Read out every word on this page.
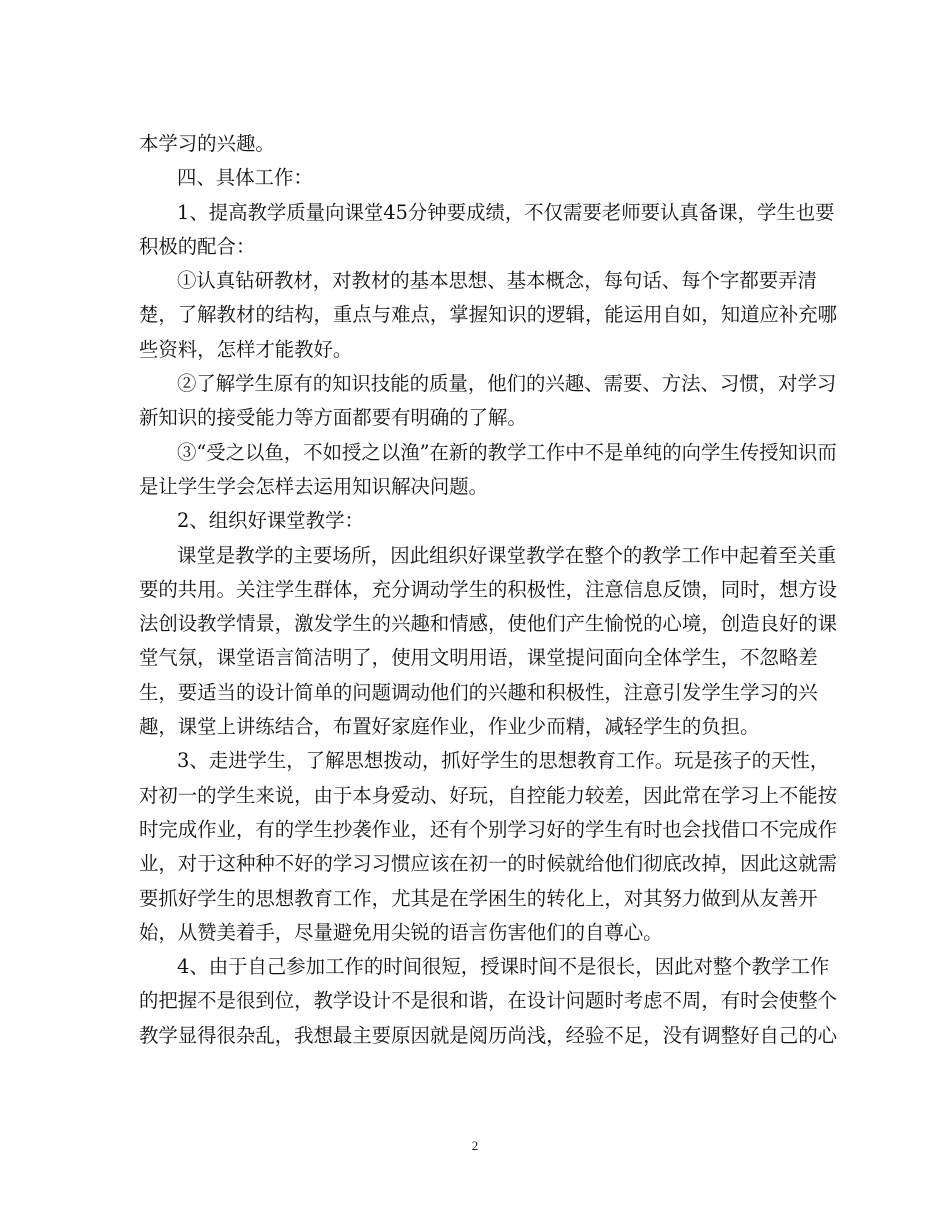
本学习的兴趣。
四、具体工作：
1、提高教学质量向课堂45分钟要成绩，不仅需要老师要认真备课，学生也要
积极的配合：
①认真钻研教材，对教材的基本思想、基本概念，每句话、每个字都要弄清
楚，了解教材的结构，重点与难点，掌握知识的逻辑，能运用自如，知道应补充哪
些资料，怎样才能教好。
②了解学生原有的知识技能的质量，他们的兴趣、需要、方法、习惯，对学习
新知识的接受能力等方面都要有明确的了解。
③“受之以鱼，不如授之以渔”在新的教学工作中不是单纯的向学生传授知识而
是让学生学会怎样去运用知识解决问题。
2、组织好课堂教学：
课堂是教学的主要场所，因此组织好课堂教学在整个的教学工作中起着至关重
要的共用。关注学生群体，充分调动学生的积极性，注意信息反馈，同时，想方设
法创设教学情景，激发学生的兴趣和情感，使他们产生愉悦的心境，创造良好的课
堂气氛，课堂语言简洁明了，使用文明用语，课堂提问面向全体学生，不忽略差
生，要适当的设计简单的问题调动他们的兴趣和积极性，注意引发学生学习的兴
趣，课堂上讲练结合，布置好家庭作业，作业少而精，减轻学生的负担。
3、走进学生，了解思想拨动，抓好学生的思想教育工作。玩是孩子的天性，
对初一的学生来说，由于本身爱动、好玩，自控能力较差，因此常在学习上不能按
时完成作业，有的学生抄袭作业，还有个别学习好的学生有时也会找借口不完成作
业，对于这种种不好的学习习惯应该在初一的时候就给他们彻底改掉，因此这就需
要抓好学生的思想教育工作，尤其是在学困生的转化上，对其努力做到从友善开
始，从赞美着手，尽量避免用尖锐的语言伤害他们的自尊心。
4、由于自己参加工作的时间很短，授课时间不是很长，因此对整个教学工作
的把握不是很到位，教学设计不是很和谐，在设计问题时考虑不周，有时会使整个
教学显得很杂乱，我想最主要原因就是阅历尚浅，经验不足，没有调整好自己的心
2
